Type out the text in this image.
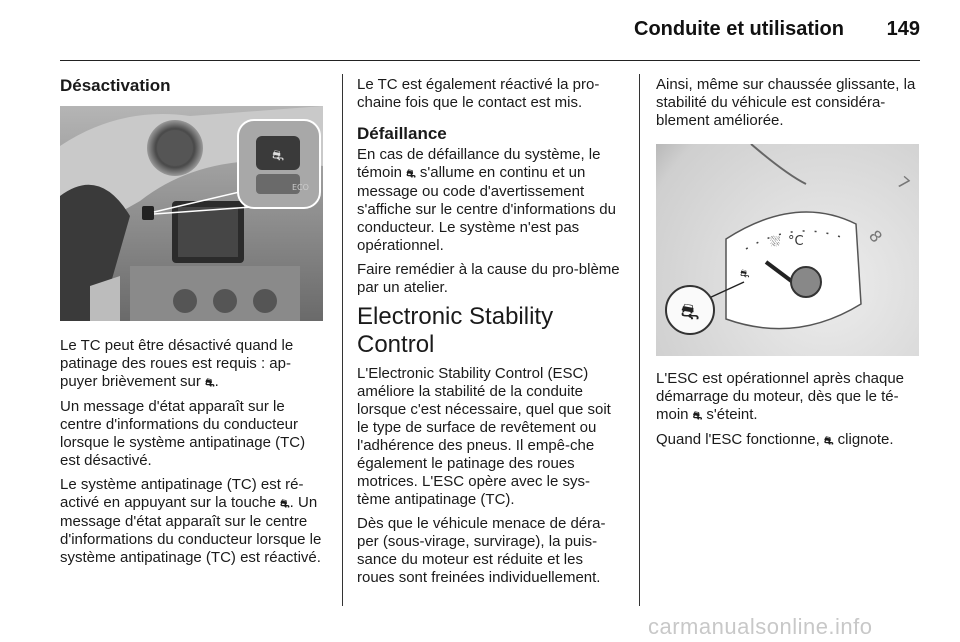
Conduite et utilisation	149
Désactivation
⛐
ECO

Le TC peut être désactivé quand le patinage des roues est requis : ap-puyer brièvement sur ⛐.

Un message d'état apparaît sur le centre d'informations du conducteur lorsque le système antipatinage (TC) est désactivé.

Le système antipatinage (TC) est ré-activé en appuyant sur la touche ⛐. Un message d'état apparaît sur le centre d'informations du conducteur lorsque le système antipatinage (TC) est réactivé.

Le TC est également réactivé la pro-chaine fois que le contact est mis.

Défaillance

En cas de défaillance du système, le témoin ⛐ s'allume en continu et un message ou code d'avertissement s'affiche sur le centre d'informations du conducteur. Le système n'est pas opérationnel.

Faire remédier à la cause du pro-blème par un atelier.

Electronic Stability Control

L'Electronic Stability Control (ESC) améliore la stabilité de la conduite lorsque c'est nécessaire, quel que soit le type de surface de revêtement ou l'adhérence des pneus. Il empê-che également le patinage des roues motrices. L'ESC opère avec le sys-tème antipatinage (TC).

Dès que le véhicule menace de déra-per (sous-virage, survirage), la puis-sance du moteur est réduite et les roues sont freinées individuellement.

Ainsi, même sur chaussée glissante, la stabilité du véhicule est considéra-blement améliorée.

7
8
⛆ °C
⛐
⛐

L'ESC est opérationnel après chaque démarrage du moteur, dès que le té-moin ⛐ s'éteint.

Quand l'ESC fonctionne, ⛐ clignote.

carmanualsonline.info
